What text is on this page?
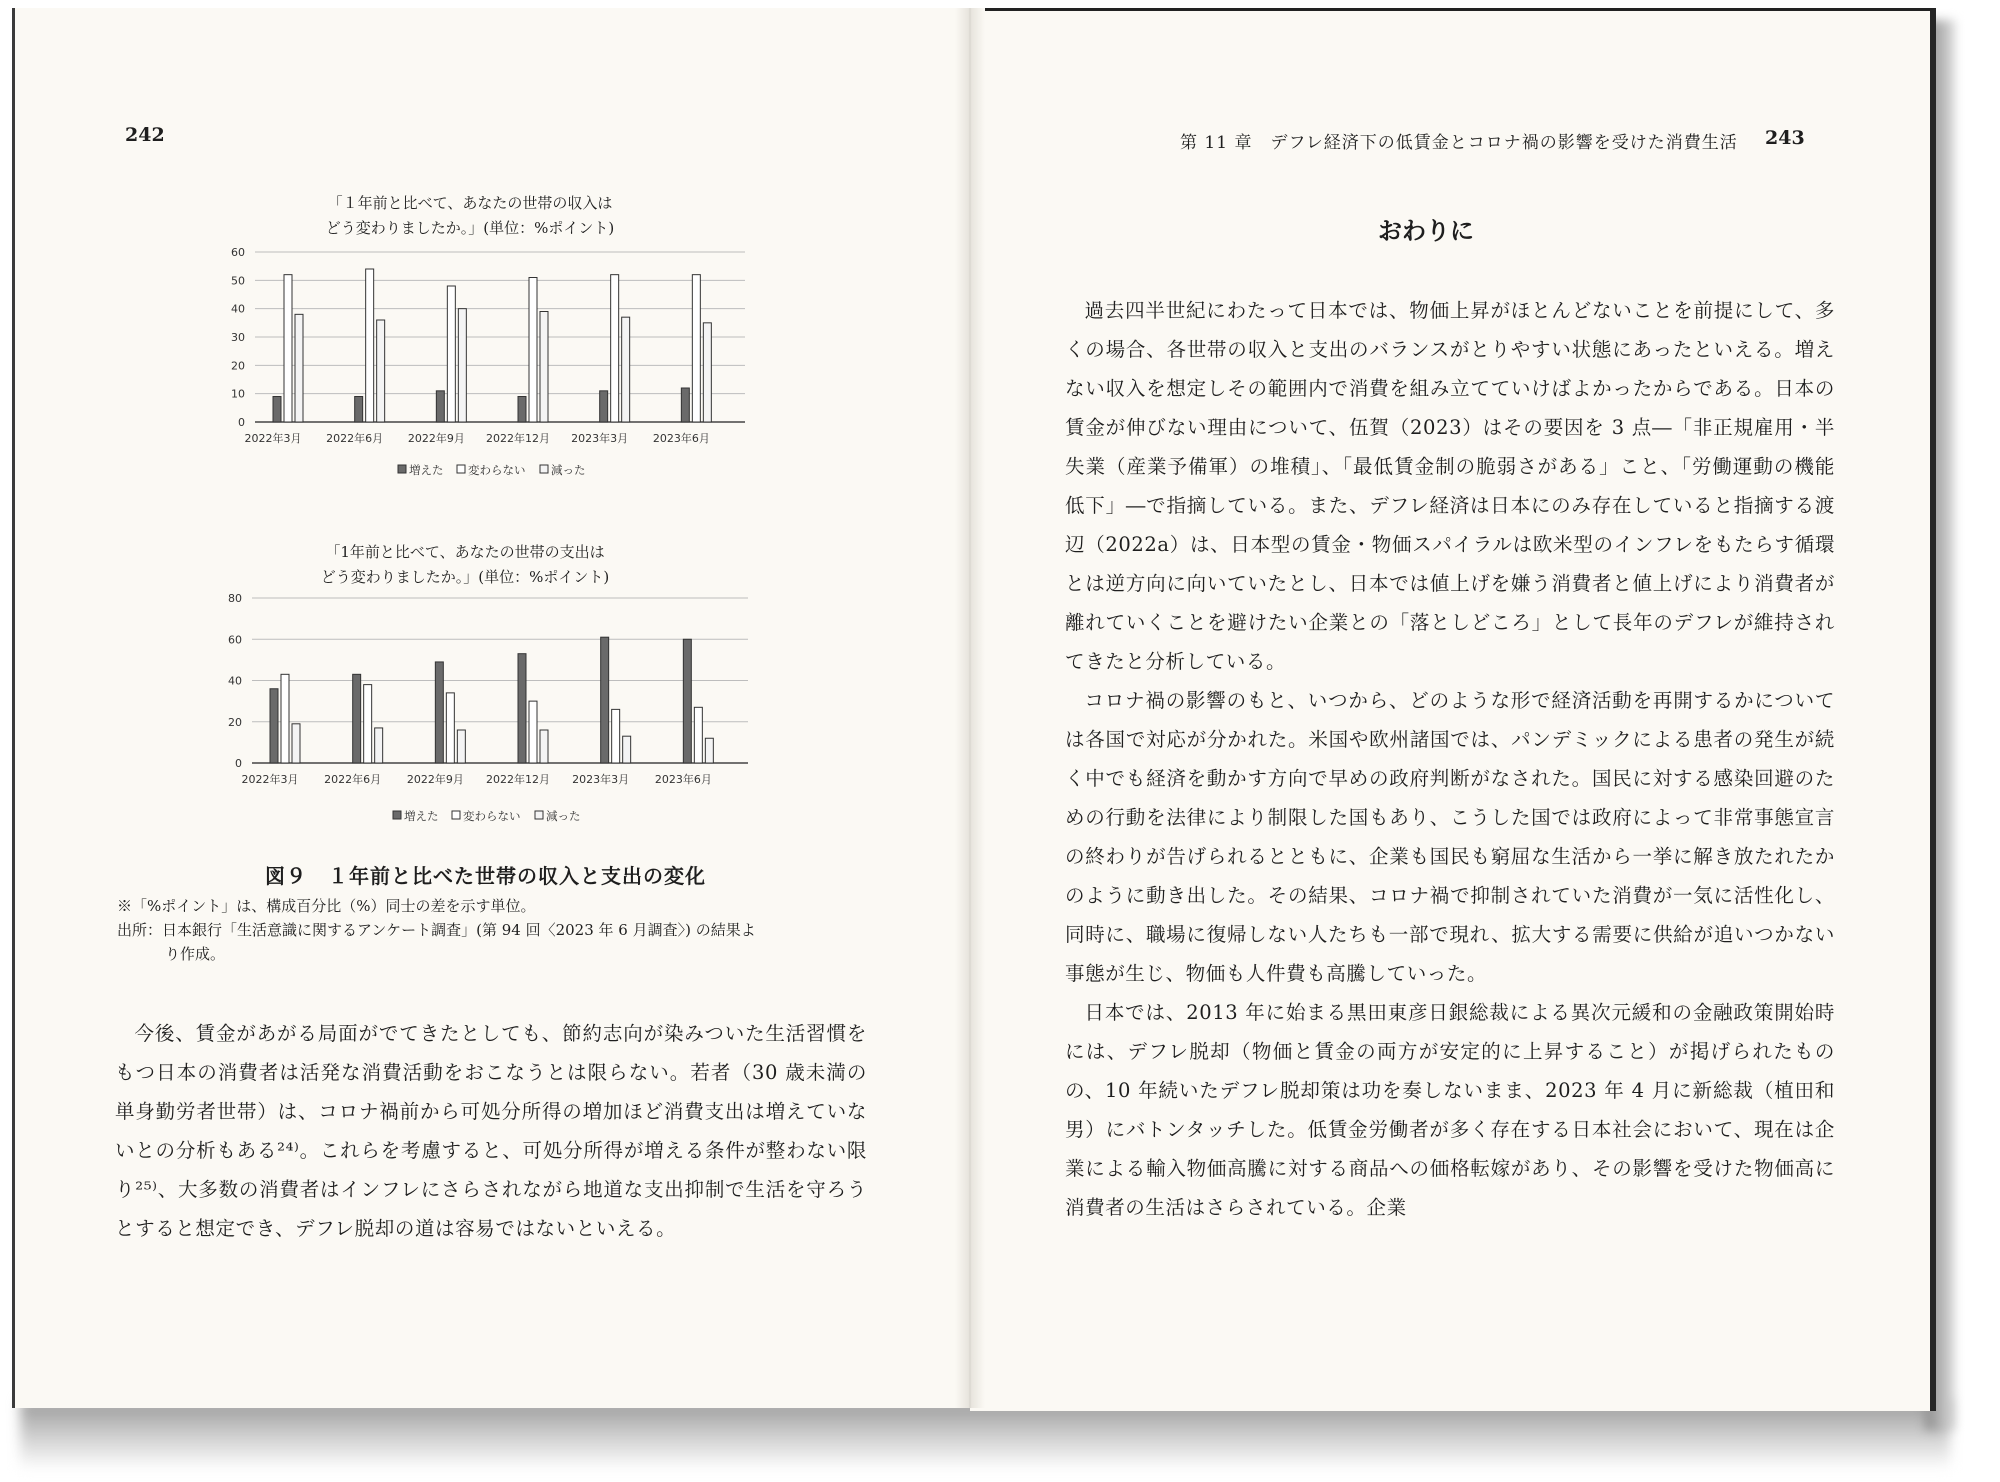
242
「１年前と比べて、あなたの世帯の収入は
どう変わりましたか。」(単位：%ポイント)
0
10
20
30
40
50
60
2022年3月 2022年6月 2022年9月 2022年12月 2023年3月 2023年6月
増えた 変わらない 減った
0
20
40
60
80
2022年3月 2022年6月 2022年9月 2022年12月 2023年3月 2023年6月
増えた 変わらない 減った
「1年前と比べて、あなたの世帯の支出は
どう変わりましたか。」(単位：%ポイント)
図９　１年前と比べた世帯の収入と支出の変化
※「%ポイント」は、構成百分比（%）同士の差を示す単位。
出所：日本銀行「生活意識に関するアンケート調査」(第 94 回〈2023 年 6 月調査〉) の結果よ
り作成。

今後、賃金があがる局面がでてきたとしても、節約志向が染みついた生活習慣をもつ日本の消費者は活発な消費活動をおこなうとは限らない。若者（30 歳未満の単身勤労者世帯）は、コロナ禍前から可処分所得の増加ほど消費支出は増えていないとの分析もある²⁴⁾。これらを考慮すると、可処分所得が増える条件が整わない限り²⁵⁾、大多数の消費者はインフレにさらされながら地道な支出抑制で生活を守ろうとすると想定でき、デフレ脱却の道は容易ではないといえる。

第 11 章　デフレ経済下の低賃金とコロナ禍の影響を受けた消費生活 243
おわりに

過去四半世紀にわたって日本では、物価上昇がほとんどないことを前提にして、多くの場合、各世帯の収入と支出のバランスがとりやすい状態にあったといえる。増えない収入を想定しその範囲内で消費を組み立てていけばよかったからである。日本の賃金が伸びない理由について、伍賀（2023）はその要因を 3 点―「非正規雇用・半失業（産業予備軍）の堆積」、「最低賃金制の脆弱さがある」こと、「労働運動の機能低下」―で指摘している。また、デフレ経済は日本にのみ存在していると指摘する渡辺（2022a）は、日本型の賃金・物価スパイラルは欧米型のインフレをもたらす循環とは逆方向に向いていたとし、日本では値上げを嫌う消費者と値上げにより消費者が離れていくことを避けたい企業との「落としどころ」として長年のデフレが維持されてきたと分析している。

コロナ禍の影響のもと、いつから、どのような形で経済活動を再開するかについては各国で対応が分かれた。米国や欧州諸国では、パンデミックによる患者の発生が続く中でも経済を動かす方向で早めの政府判断がなされた。国民に対する感染回避のための行動を法律により制限した国もあり、こうした国では政府によって非常事態宣言の終わりが告げられるとともに、企業も国民も窮屈な生活から一挙に解き放たれたかのように動き出した。その結果、コロナ禍で抑制されていた消費が一気に活性化し、同時に、職場に復帰しない人たちも一部で現れ、拡大する需要に供給が追いつかない事態が生じ、物価も人件費も高騰していった。

日本では、2013 年に始まる黒田東彦日銀総裁による異次元緩和の金融政策開始時には、デフレ脱却（物価と賃金の両方が安定的に上昇すること）が掲げられたものの、10 年続いたデフレ脱却策は功を奏しないまま、2023 年 4 月に新総裁（植田和男）にバトンタッチした。低賃金労働者が多く存在する日本社会において、現在は企業による輸入物価高騰に対する商品への価格転嫁があり、その影響を受けた物価高に消費者の生活はさらされている。企業
